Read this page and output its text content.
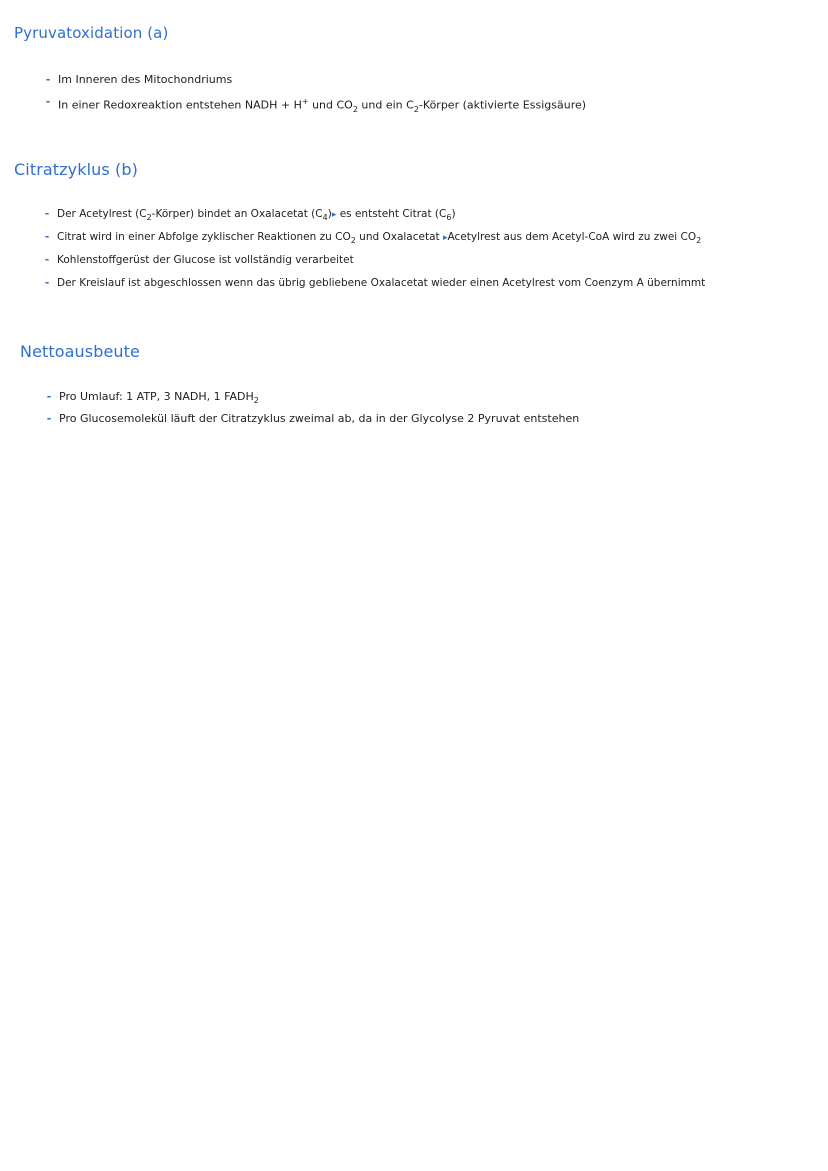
Pyruvatoxidation (a)
- Im Inneren des Mitochondriums
- In einer Redoxreaktion entstehen NADH + H+ und $CO_2$ und ein $C_2$-Körper (aktivierte Essigsäure)
Citratzyklus (b)
- Der Acetylrest $(C_2-Körper)$ bindet an Oxalacetat $(C_4)▸$ es entsteht Citrat $(C_6)$
- Citrat wird in einer Abfolge zyklischer Reaktionen zu $CO_2$ und Oxalacetat ▸Acetylrest aus dem Acetyl-CoA wird zu zwei $CO_2$
- Kohlenstoffgerüst der Glucose ist vollständig verarbeitet
- Der Kreislauf ist abgeschlossen wenn das übrig gebliebene Oxalacetat wieder einen Acetylrest vom Coenzym A übernimmt
Nettoausbeute
- Pro Umlauf: 1 ATP, 3 NADH, 1 $FADH_2$
- Pro Glucosemolekül läuft der Citratzyklus zweimal ab, da in der Glycolyse 2 Pyruvat entstehen
